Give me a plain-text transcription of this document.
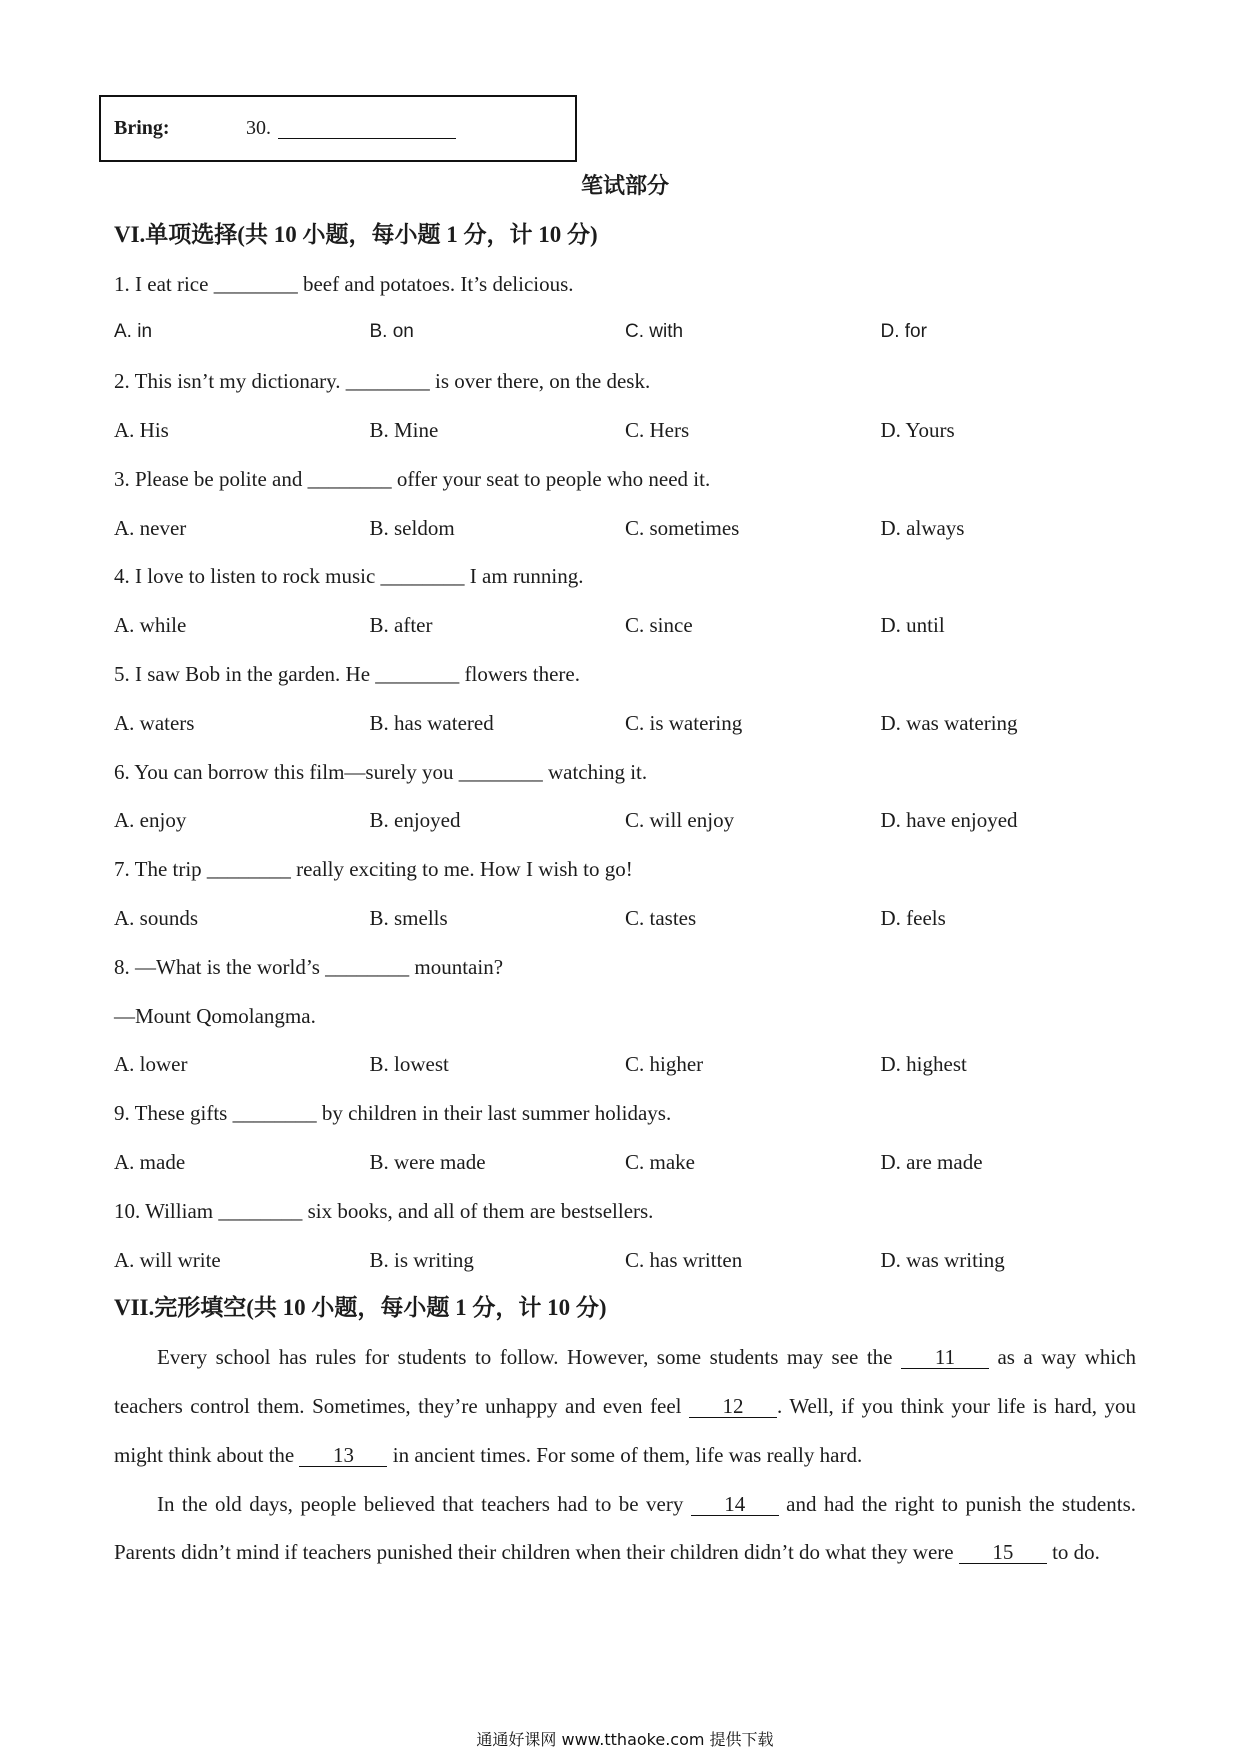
Bring:	30.
笔试部分
VI.单项选择(共 10 小题，每小题 1 分，计 10 分)
1. I eat rice ________ beef and potatoes. It’s delicious.
A. in	B. on	C. with	D. for
2. This isn’t my dictionary. ________ is over there, on the desk.
A. His	B. Mine	C. Hers	D. Yours
3. Please be polite and ________ offer your seat to people who need it.
A. never	B. seldom	C. sometimes	D. always
4. I love to listen to rock music ________ I am running.
A. while	B. after	C. since	D. until
5. I saw Bob in the garden. He ________ flowers there.
A. waters	B. has watered	C. is watering	D. was watering
6. You can borrow this film—surely you ________ watching it.
A. enjoy	B. enjoyed	C. will enjoy	D. have enjoyed
7. The trip ________ really exciting to me. How I wish to go!
A. sounds	B. smells	C. tastes	D. feels
8. —What is the world’s ________ mountain?
—Mount Qomolangma.
A. lower	B. lowest	C. higher	D. highest
9. These gifts ________ by children in their last summer holidays.
A. made	B. were made	C. make	D. are made
10. William ________ six books, and all of them are bestsellers.
A. will write	B. is writing	C. has written	D. was writing
VII.完形填空(共 10 小题，每小题 1 分，计 10 分)

Every school has rules for students to follow. However, some students may see the 11 as a way which teachers control them. Sometimes, they’re unhappy and even feel 12 . Well, if you think your life is hard, you might think about the 13 in ancient times. For some of them, life was really hard.

In the old days, people believed that teachers had to be very 14 and had the right to punish the students. Parents didn’t mind if teachers punished their children when their children didn’t do what they were 15 to do.

通通好课网 www.tthaoke.com 提供下载
